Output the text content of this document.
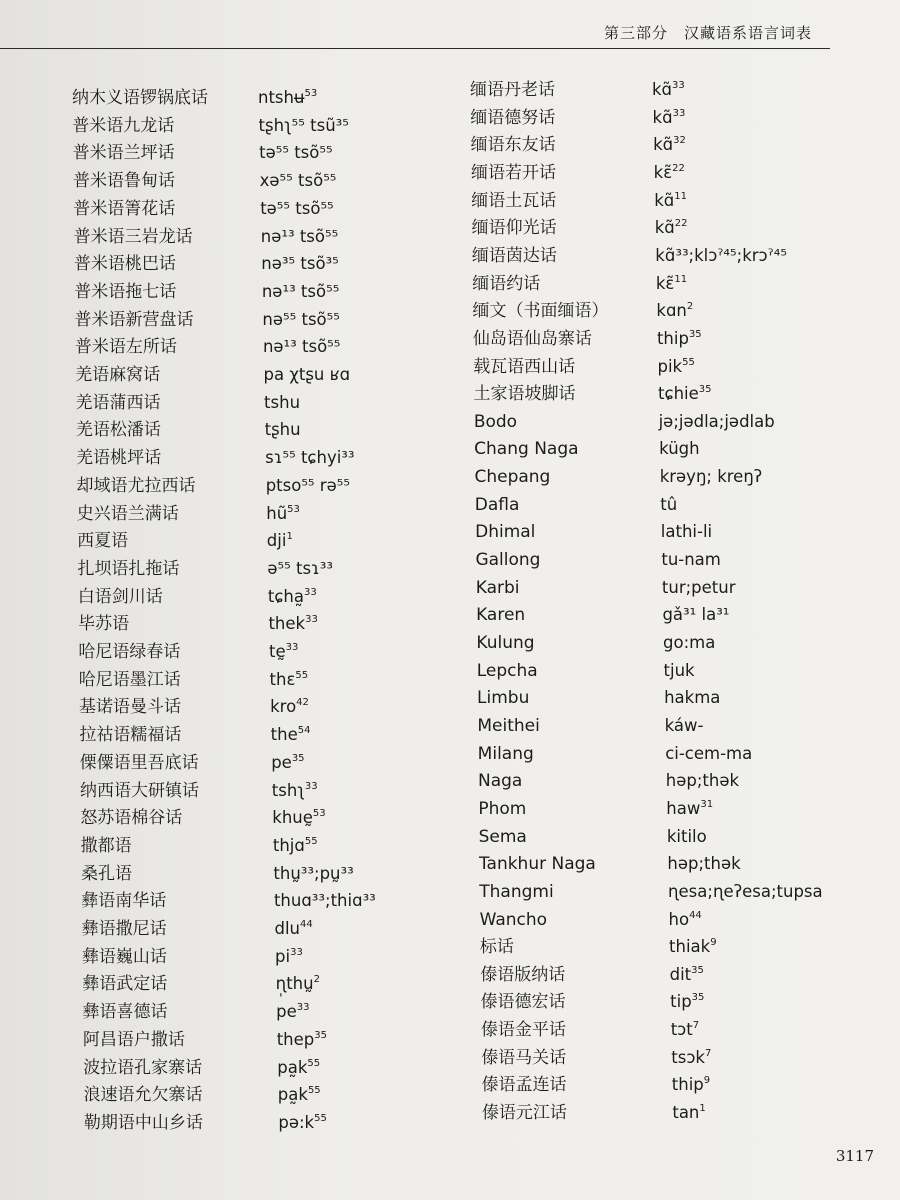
第三部分 汉藏语系语言词表
纳木义语锣锅底话
普米语九龙话
普米语兰坪话
普米语鲁甸话
普米语箐花话
普米语三岩龙话
普米语桃巴话
普米语拖七话
普米语新营盘话
普米语左所话
羌语麻窝话
羌语蒲西话
羌语松潘话
羌语桃坪话
却域语尤拉西话
史兴语兰满话
西夏语
扎坝语扎拖话
白语剑川话
毕苏语
哈尼语绿春话
哈尼语墨江话
基诺语曼斗话
拉祜语糯福话
傈僳语里吾底话
纳西语大研镇话
怒苏语棉谷话
撒都语
桑孔语
彝语南华话
彝语撒尼话
彝语巍山话
彝语武定话
彝语喜德话
阿昌语户撒话
波拉语孔家寨话
浪速语允欠寨话
勒期语中山乡话
ntshʉ$^{53}$
tʂhʅ⁵⁵ tsũ³⁵
tə⁵⁵ tsõ⁵⁵
xə⁵⁵ tsõ⁵⁵
tə⁵⁵ tsõ⁵⁵
nə¹³ tsõ⁵⁵
nə³⁵ tsõ³⁵
nə¹³ tsõ⁵⁵
nə⁵⁵ tsõ⁵⁵
nə¹³ tsõ⁵⁵
pa χtʂu ʁɑ
tshu
tʂhu
sɿ⁵⁵ tɕhyi³³
ptso⁵⁵ rə⁵⁵
$hũ^{53}$
dji$^1$
ə⁵⁵ tsɿ³³
tɕha̰$^{33}$
thek$^{33}$
tḛ$^{33}$
thɛ$^{55}$
kro$^{42}$
the$^{54}$
$pe^{35}$
tshʅ$^{33}$
khuḛ$^{53}$
thjɑ$^{55}$
thṵ³³;pṵ³³
thuɑ³³;thiɑ³³
dlu$^{44}$
$pi^{33}$
ɳ̩thṵ$^2$
$pe^{33}$
thep$^{35}$
$pa̰k^{55}$
$pa̰k^{55}$
$pə:k^{55}$
缅语丹老话
缅语德努话
缅语东友话
缅语若开话
缅语土瓦话
缅语仰光话
缅语茵达话
缅语约话
缅文（书面缅语）
仙岛语仙岛寨话
载瓦语西山话
土家语坡脚话
Bodo
Chang Naga
Chepang
Dafla
Dhimal
Gallong
Karbi
Karen
Kulung
Lepcha
Limbu
Meithei
Milang
Naga
Phom
Sema
Tankhur Naga
Thangmi
Wancho
标话
傣语版纳话
傣语德宏话
傣语金平话
傣语马关话
傣语孟连话
傣语元江话
kɑ̃$^{33}$
kɑ̃$^{33}$
kɑ̃$^{32}$
kɛ̃$^{22}$
kɑ̃$^{11}$
kɑ̃$^{22}$
kɑ̃³³;klɔˀ⁴⁵;krɔˀ⁴⁵
kɛ̃$^{11}$
kɑn$^2$
thip$^{35}$
pik$^{55}$
tɕhie$^{35}$
jə;jədla;jədlab
kügh
krəyŋ; kreŋʔ
tû
lathi-li
tu-nam
tur;petur
gǎ³¹ la³¹
go:ma
tjuk
hakma
káw-
ci-cem-ma
həp;thək
haw$^{31}$
kitilo
həp;thək
ɳesa;ɳeʔesa;tupsa
$ho^{44}$
thiak$^9$
dit$^{35}$
tip$^{35}$
tɔt$^7$
tsɔk$^7$
thip$^9$
$\tan^1$
3117
